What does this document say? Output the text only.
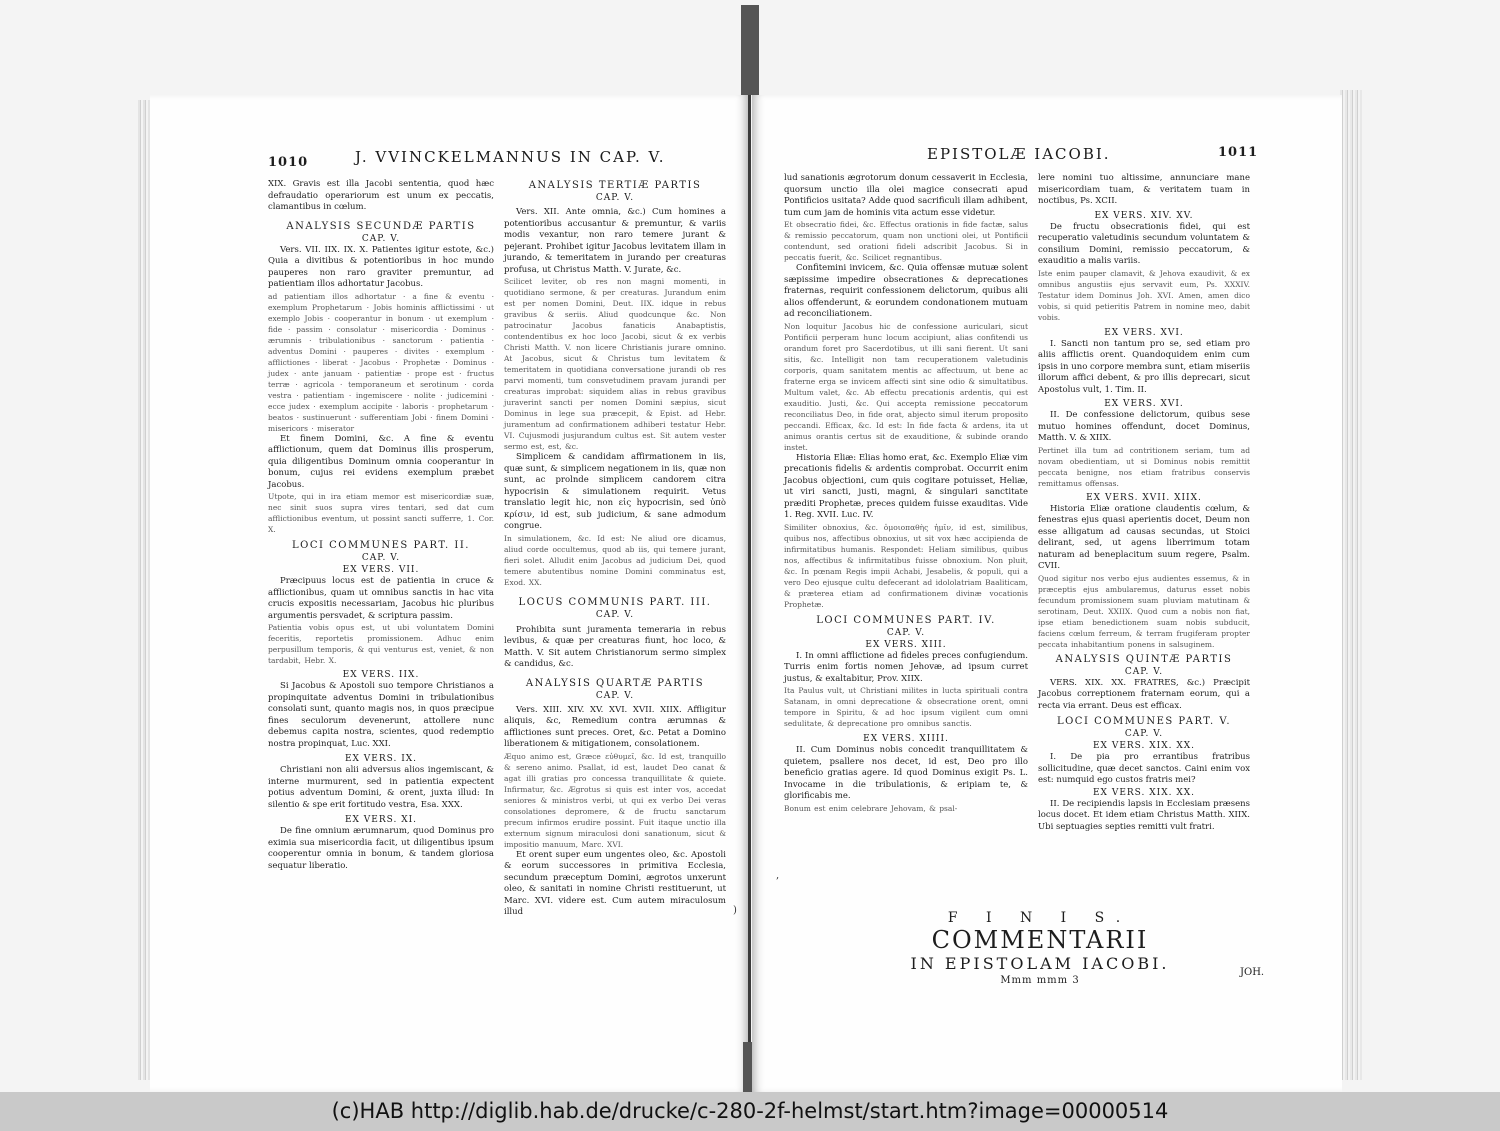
1010	J. VVINCKELMANNUS IN CAP. V.

XIX. Gravis est illa Jacobi sententia, quod hæc defraudatio operariorum est unum ex peccatis, clamantibus in cœlum.

ANALYSIS SECUNDÆ PARTIS
CAP. V.

Vers. VII. IIX. IX. X. Patientes igitur estote, &c.) Quia a divitibus & potentioribus in hoc mundo pauperes non raro graviter premuntur, ad patientiam illos adhortatur Jacobus.

ad patientiam illos adhortatur · a fine & eventu · exemplum Prophetarum · Jobis hominis afflictissimi · ut exemplo Jobis · cooperantur in bonum · ut exemplum · fide · passim · consolatur · misericordia · Dominus · ærumnis · tribulationibus · sanctorum · patientia · adventus Domini · pauperes · divites · exemplum · afflictiones · liberat · Jacobus · Prophetæ · Dominus · judex · ante januam · patientiæ · prope est · fructus terræ · agricola · temporaneum et serotinum · corda vestra · patientiam · ingemiscere · nolite · judicemini · ecce judex · exemplum accipite · laboris · prophetarum · beatos · sustinuerunt · sufferentiam Jobi · finem Domini · misericors · miserator

Et finem Domini, &c. A fine & eventu afflictionum, quem dat Dominus illis prosperum, quia diligentibus Dominum omnia cooperantur in bonum, cujus rei evidens exemplum præbet Jacobus.

Utpote, qui in ira etiam memor est misericordiæ suæ, nec sinit suos supra vires tentari, sed dat cum afflictionibus eventum, ut possint sancti sufferre, 1. Cor. X.

LOCI COMMUNES PART. II.
CAP. V.
EX VERS. VII.

Præcipuus locus est de patientia in cruce & afflictionibus, quam ut omnibus sanctis in hac vita crucis expositis necessariam, Jacobus hic pluribus argumentis persvadet, & scriptura passim.

Patientia vobis opus est, ut ubi voluntatem Domini feceritis, reportetis promissionem. Adhuc enim perpusillum temporis, & qui venturus est, veniet, & non tardabit, Hebr. X.

EX VERS. IIX.

Si Jacobus & Apostoli suo tempore Christianos a propinquitate adventus Domini in tribulationibus consolati sunt, quanto magis nos, in quos præcipue fines seculorum devenerunt, attollere nunc debemus capita nostra, scientes, quod redemptio nostra propinquat, Luc. XXI.

EX VERS. IX.

Christiani non alii adversus alios ingemiscant, & interne murmurent, sed in patientia expectent potius adventum Domini, & orent, juxta illud: In silentio & spe erit fortitudo vestra, Esa. XXX.

EX VERS. XI.

De fine omnium ærumnarum, quod Dominus pro eximia sua misericordia facit, ut diligentibus ipsum cooperentur omnia in bonum, & tandem gloriosa sequatur liberatio.

ANALYSIS TERTIÆ PARTIS
CAP. V.

Vers. XII. Ante omnia, &c.) Cum homines a potentioribus accusantur & premuntur, & variis modis vexantur, non raro temere jurant & pejerant. Prohibet igitur Jacobus levitatem illam in jurando, & temeritatem in jurando per creaturas profusa, ut Christus Matth. V. Jurate, &c.

Scilicet leviter, ob res non magni momenti, in quotidiano sermone, & per creaturas. Jurandum enim est per nomen Domini, Deut. IIX. idque in rebus gravibus & seriis. Aliud quodcunque &c. Non patrocinatur Jacobus fanaticis Anabaptistis, contendentibus ex hoc loco Jacobi, sicut & ex verbis Christi Matth. V. non licere Christianis jurare omnino. At Jacobus, sicut & Christus tum levitatem & temeritatem in quotidiana conversatione jurandi ob res parvi momenti, tum consvetudinem pravam jurandi per creaturas improbat: siquidem alias in rebus gravibus juraverint sancti per nomen Domini sæpius, sicut Dominus in lege sua præcepit, & Epist. ad Hebr. juramentum ad confirmationem adhiberi testatur Hebr. VI. Cujusmodi jusjurandum cultus est. Sit autem vester sermo est, est, &c.

Simplicem & candidam affirmationem in iis, quæ sunt, & simplicem negationem in iis, quæ non sunt, ac prolnde simplicem candorem citra hypocrisin & simulationem requirit. Vetus translatio legit hic, non εἰς hypocrisin, sed ὑπὸ κρίσιν, id est, sub judicium, & sane admodum congrue.

In simulationem, &c. Id est: Ne aliud ore dicamus, aliud corde occultemus, quod ab iis, qui temere jurant, fieri solet. Alludit enim Jacobus ad judicium Dei, quod temere abutentibus nomine Domini comminatus est, Exod. XX.

LOCUS COMMUNIS PART. III.
CAP. V.

Prohibita sunt juramenta temeraria in rebus levibus, & quæ per creaturas fiunt, hoc loco, & Matth. V. Sit autem Christianorum sermo simplex & candidus, &c.

ANALYSIS QUARTÆ PARTIS
CAP. V.

Vers. XIII. XIV. XV. XVI. XVII. XIIX. Affligitur aliquis, &c, Remedium contra ærumnas & afflictiones sunt preces. Oret, &c. Petat a Domino liberationem & mitigationem, consolationem.

Æquo animo est, Græce εὐθυμεῖ, &c. Id est, tranquillo & sereno animo. Psallat, id est, laudet Deo canat & agat illi gratias pro concessa tranquillitate & quiete. Infirmatur, &c. Ægrotus si quis est inter vos, accedat seniores & ministros verbi, ut qui ex verbo Dei veras consolationes depromere, & de fructu sanctarum precum infirmos erudire possint. Fuit itaque unctio illa externum signum miraculosi doni sanationum, sicut & impositio manuum, Marc. XVI.

Et orent super eum ungentes oleo, &c. Apostoli & eorum successores in primitiva Ecclesia, secundum præceptum Domini, ægrotos unxerunt oleo, & sanitati in nomine Christi restituerunt, ut Marc. XVI. videre est. Cum autem miraculosum illud

EPISTOLÆ IACOBI.	1011

lud sanationis ægrotorum donum cessaverit in Ecclesia, quorsum unctio illa olei magice consecrati apud Pontificios usitata? Adde quod sacrificuli illam adhibent, tum cum jam de hominis vita actum esse videtur.

Et obsecratio fidei, &c. Effectus orationis in fide factæ, salus & remissio peccatorum, quam non unctioni olei, ut Pontificii contendunt, sed orationi fideli adscribit Jacobus. Si in peccatis fuerit, &c. Scilicet regnantibus.

Confitemini invicem, &c. Quia offensæ mutuæ solent sæpissime impedire obsecrationes & deprecationes fraternas, requirit confessionem delictorum, quibus alii alios offenderunt, & eorundem condonationem mutuam ad reconciliationem.

Non loquitur Jacobus hic de confessione auriculari, sicut Pontificii perperam hunc locum accipiunt, alias confitendi us orandum foret pro Sacerdotibus, ut illi sani fierent. Ut sani sitis, &c. Intelligit non tam recuperationem valetudinis corporis, quam sanitatem mentis ac affectuum, ut bene ac fraterne erga se invicem affecti sint sine odio & simultatibus. Multum valet, &c. Ab effectu precationis ardentis, qui est exauditio. Justi, &c. Qui accepta remissione peccatorum reconciliatus Deo, in fide orat, abjecto simul iterum proposito peccandi. Efficax, &c. Id est: In fide facta & ardens, ita ut animus orantis certus sit de exauditione, & subinde orando instet.

Historia Eliæ: Elias homo erat, &c. Exemplo Eliæ vim precationis fidelis & ardentis comprobat. Occurrit enim Jacobus objectioni, cum quis cogitare potuisset, Heliæ, ut viri sancti, justi, magni, & singulari sanctitate præditi Prophetæ, preces quidem fuisse exauditas. Vide 1. Reg. XVII. Luc. IV.

Similiter obnoxius, &c. ὁμοιοπαθὴς ἡμῖν, id est, similibus, quibus nos, affectibus obnoxius, ut sit vox hæc accipienda de infirmitatibus humanis. Respondet: Heliam similibus, quibus nos, affectibus & infirmitatibus fuisse obnoxium. Non pluit, &c. In pœnam Regis impii Achabi, Jesabelis, & populi, qui a vero Deo ejusque cultu defecerant ad idololatriam Baaliticam, & præterea etiam ad confirmationem divinæ vocationis Prophetæ.

LOCI COMMUNES PART. IV.
CAP. V.
EX VERS. XIII.

I. In omni afflictione ad fideles preces confugiendum. Turris enim fortis nomen Jehovæ, ad ipsum curret justus, & exaltabitur, Prov. XIIX.

Ita Paulus vult, ut Christiani milites in lucta spirituali contra Satanam, in omni deprecatione & obsecratione orent, omni tempore in Spiritu, & ad hoc ipsum vigilent cum omni sedulitate, & deprecatione pro omnibus sanctis.

EX VERS. XIIII.

II. Cum Dominus nobis concedit tranquillitatem & quietem, psallere nos decet, id est, Deo pro illo beneficio gratias agere. Id quod Dominus exigit Ps. L. Invocame in die tribulationis, & eripiam te, & glorificabis me.

Bonum est enim celebrare Jehovam, & psal-

lere nomini tuo altissime, annunciare mane misericordiam tuam, & veritatem tuam in noctibus, Ps. XCII.

EX VERS. XIV. XV.

De fructu obsecrationis fidei, qui est recuperatio valetudinis secundum voluntatem & consilium Domini, remissio peccatorum, & exauditio a malis variis.

Iste enim pauper clamavit, & Jehova exaudivit, & ex omnibus angustiis ejus servavit eum, Ps. XXXIV. Testatur idem Dominus Joh. XVI. Amen, amen dico vobis, si quid petieritis Patrem in nomine meo, dabit vobis.

EX VERS. XVI.

I. Sancti non tantum pro se, sed etiam pro aliis afflictis orent. Quandoquidem enim cum ipsis in uno corpore membra sunt, etiam miseriis illorum affici debent, & pro illis deprecari, sicut Apostolus vult, 1. Tim. II.

EX VERS. XVI.

II. De confessione delictorum, quibus sese mutuo homines offendunt, docet Dominus, Matth. V. & XIIX.

Pertinet illa tum ad contritionem seriam, tum ad novam obedientiam, ut si Dominus nobis remittit peccata benigne, nos etiam fratribus conservis remittamus offensas.

EX VERS. XVII. XIIX.

Historia Eliæ oratione claudentis cœlum, & fenestras ejus quasi aperientis docet, Deum non esse alligatum ad causas secundas, ut Stoici delirant, sed, ut agens liberrimum totam naturam ad beneplacitum suum regere, Psalm. CVII.

Quod sigitur nos verbo ejus audientes essemus, & in præceptis ejus ambularemus, daturus esset nobis fecundum promissionem suam pluviam matutinam & serotinam, Deut. XXIIX. Quod cum a nobis non fiat, ipse etiam benedictionem suam nobis subducit, faciens cœlum ferreum, & terram frugiferam propter peccata inhabitantium ponens in salsuginem.

ANALYSIS QUINTÆ PARTIS
CAP. V.

VERS. XIX. XX. FRATRES, &c.) Præcipit Jacobus correptionem fraternam eorum, qui a recta via errant. Deus est efficax.

LOCI COMMUNES PART. V.
CAP. V.
EX VERS. XIX. XX.

I. De pia pro errantibus fratribus sollicitudine, quæ decet sanctos. Caini enim vox est: numquid ego custos fratris mei?

EX VERS. XIX. XX.

II. De recipiendis lapsis in Ecclesiam præsens locus docet. Et idem etiam Christus Matth. XIIX. Ubi septuagies septies remitti vult fratri.

,
)	F I N I S.
COMMENTARII
IN EPISTOLAM IACOBI.
Mmm mmm 3
JOH.
(c)HAB http://diglib.hab.de/drucke/c-280-2f-helmst/start.htm?image=00000514
